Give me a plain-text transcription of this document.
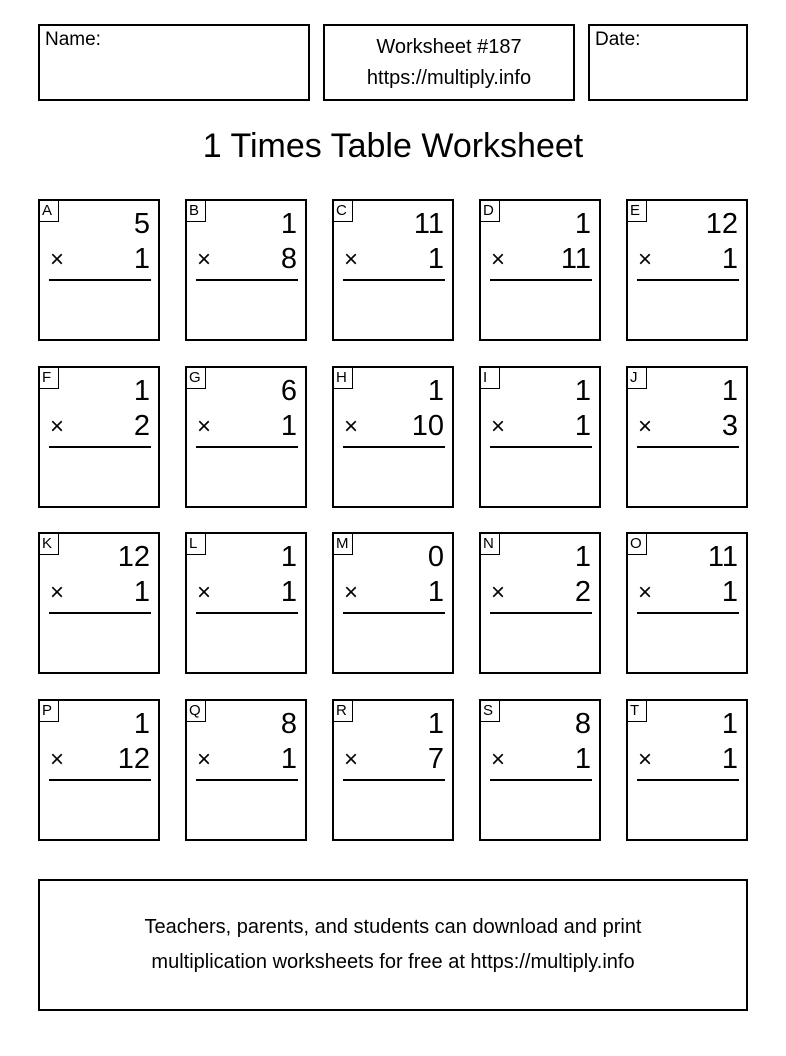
Name:	Worksheet #187
https://multiply.info
Date:
1 Times Table Worksheet
A	5
× 1
B	1
× 8
C 11
× 1
D	1
× 11
E 12
× 1
F	1
× 2
G	6
× 1
H	1
× 10
I	1
× 1
J	1
× 3
K 12
× 1
L	1
× 1
M	0
× 1
N	1
× 2
O 11
× 1
P	1
× 12
Q	8
× 1
R	1
× 7
S	8
× 1
T	1
× 1
Teachers, parents, and students can download and print
multiplication worksheets for free at https://multiply.info
